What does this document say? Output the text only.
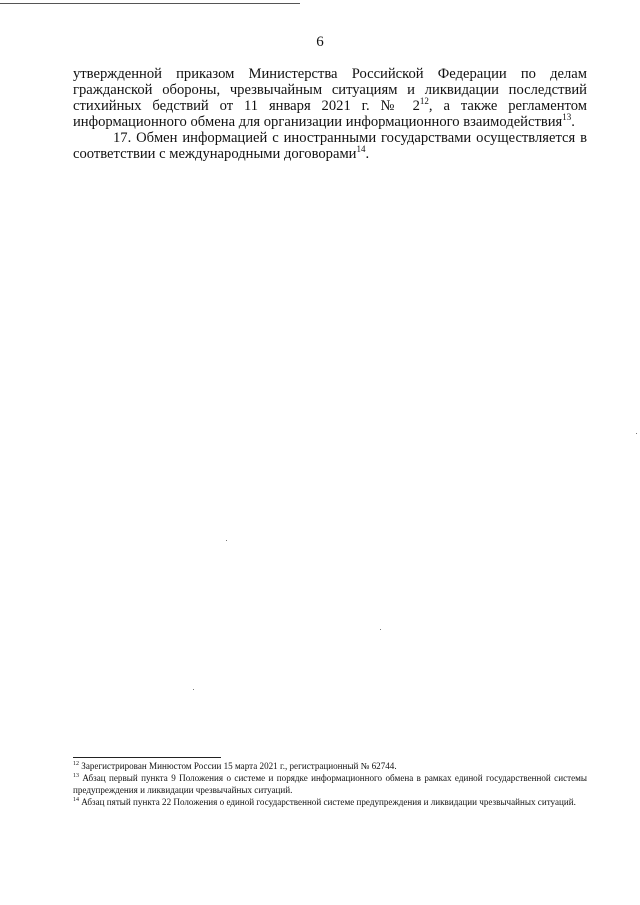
6

утвержденной приказом Министерства Российской Федерации по делам гражданской обороны, чрезвычайным ситуациям и ликвидации последствий стихийных бедствий от 11 января 2021 г. № $2^{12}$, а также регламентом информационного обмена для организации информационного взаимодействия$^{13}$.

17. Обмен информацией с иностранными государствами осуществляется в соответствии с международными договорами$^{14}$.

$^{12}$ Зарегистрирован Минюстом России 15 марта 2021 г., регистрационный № 62744.

$^{13}$ Абзац первый пункта 9 Положения о системе и порядке информационного обмена в рамках единой государственной системы предупреждения и ликвидации чрезвычайных ситуаций.

$^{14}$ Абзац пятый пункта 22 Положения о единой государственной системе предупреждения и ликвидации чрезвычайных ситуаций.
